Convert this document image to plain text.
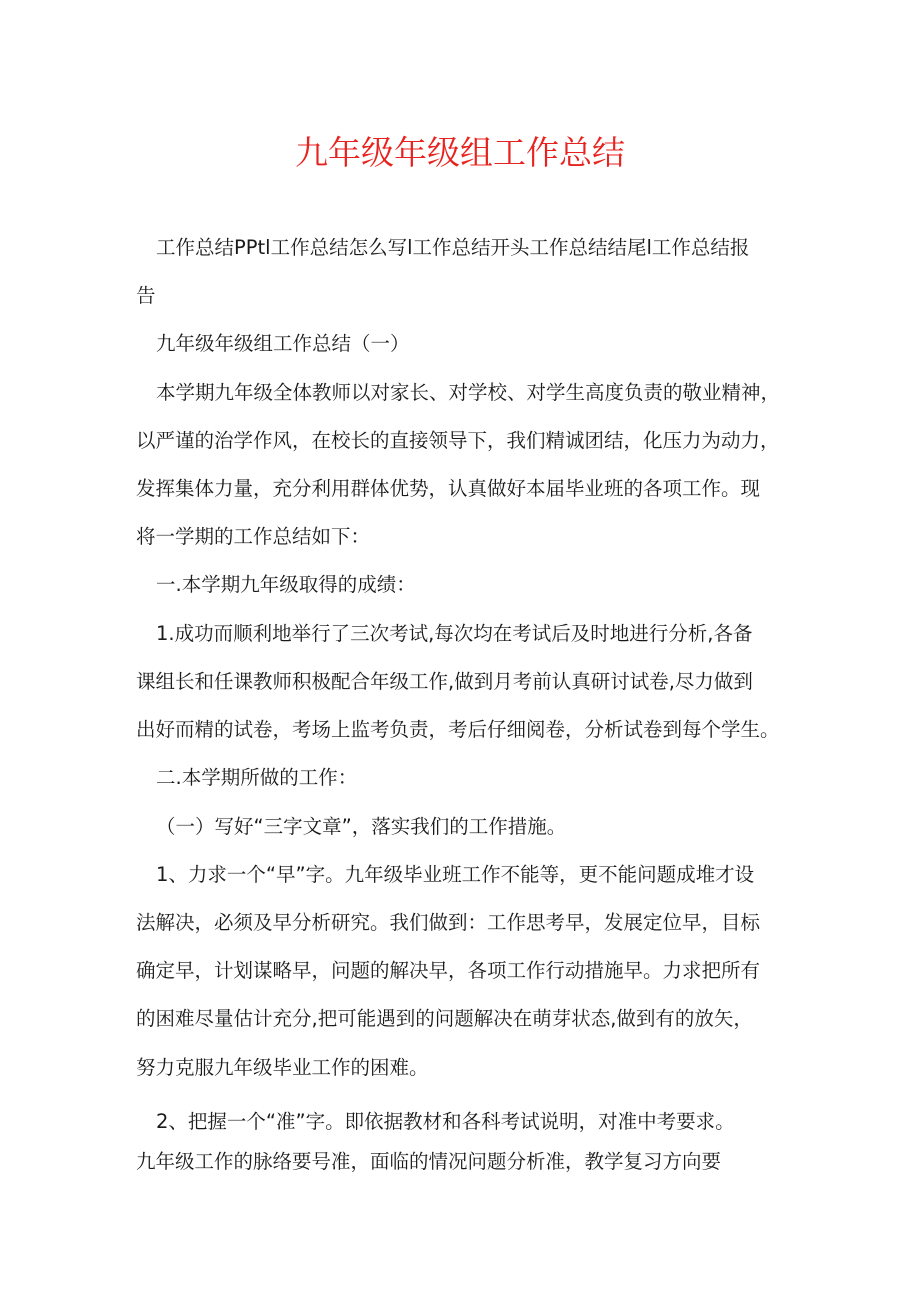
九年级年级组工作总结

工作总结PPtl工作总结怎么写l工作总结开头工作总结结尾l工作总结报

告

九年级年级组工作总结（一）

本学期九年级全体教师以对家长、对学校、对学生高度负责的敬业精神，

以严谨的治学作风，在校长的直接领导下，我们精诚团结，化压力为动力，

发挥集体力量，充分利用群体优势，认真做好本届毕业班的各项工作。现

将一学期的工作总结如下：

一.本学期九年级取得的成绩：

1.成功而顺利地举行了三次考试,每次均在考试后及时地进行分析,各备

课组长和任课教师积极配合年级工作,做到月考前认真研讨试卷,尽力做到

出好而精的试卷，考场上监考负责，考后仔细阅卷，分析试卷到每个学生。

二.本学期所做的工作：

（一）写好“三字文章”，落实我们的工作措施。

1、力求一个“早”字。九年级毕业班工作不能等，更不能问题成堆才设

法解决，必须及早分析研究。我们做到：工作思考早，发展定位早，目标

确定早，计划谋略早，问题的解决早，各项工作行动措施早。力求把所有

的困难尽量估计充分,把可能遇到的问题解决在萌芽状态,做到有的放矢，

努力克服九年级毕业工作的困难。

2、把握一个“准”字。即依据教材和各科考试说明，对准中考要求。

九年级工作的脉络要号准，面临的情况问题分析准，教学复习方向要
